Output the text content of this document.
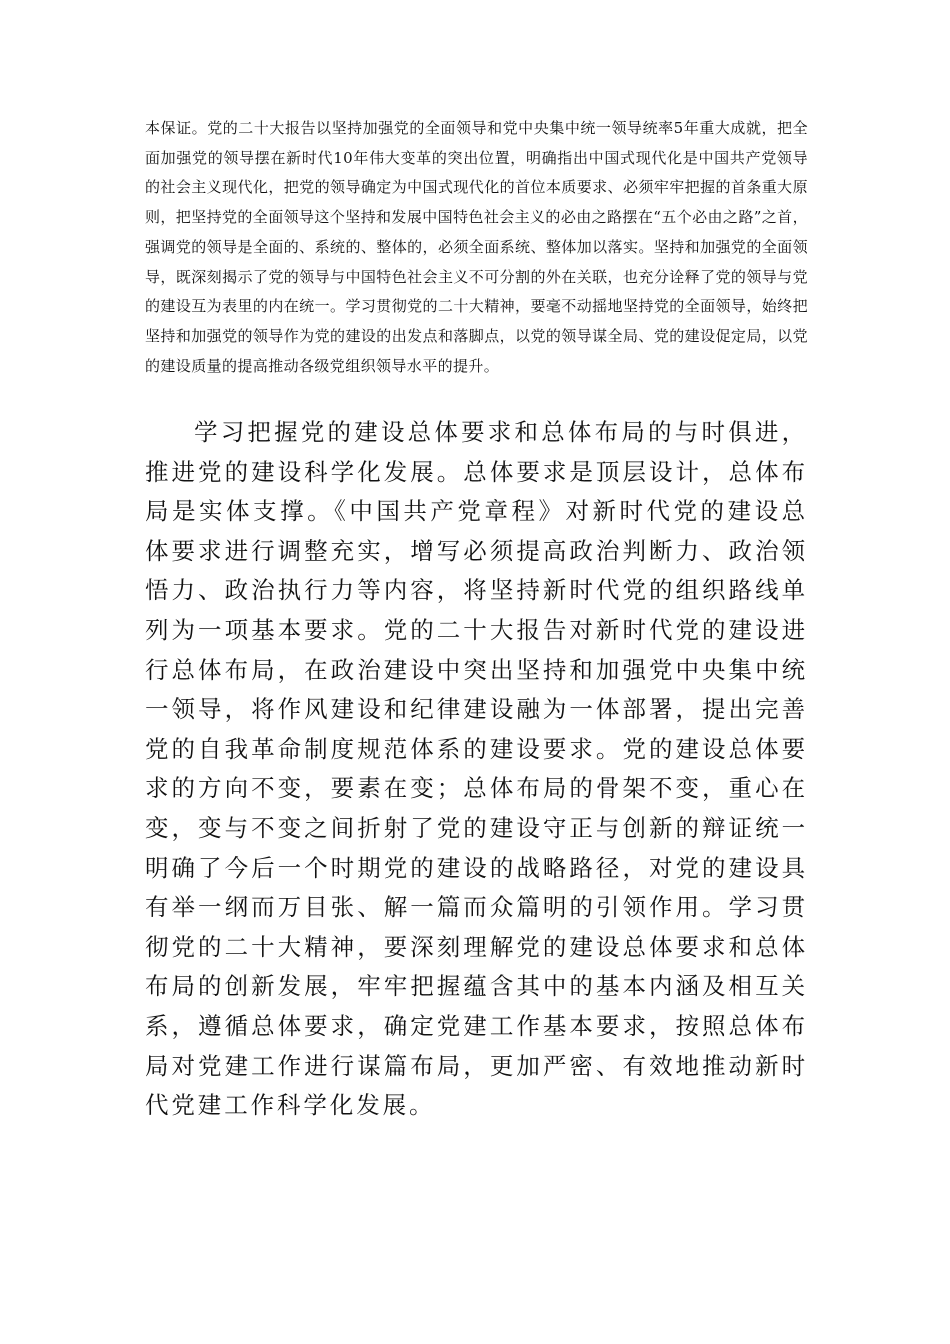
本保证。党的二十大报告以坚持加强党的全面领导和党中央集中统一领导统率5年重大成就，把全面加强党的领导摆在新时代10年伟大变革的突出位置，明确指出中国式现代化是中国共产党领导的社会主义现代化，把党的领导确定为中国式现代化的首位本质要求、必须牢牢把握的首条重大原则，把坚持党的全面领导这个坚持和发展中国特色社会主义的必由之路摆在“五个必由之路”之首，强调党的领导是全面的、系统的、整体的，必须全面系统、整体加以落实。坚持和加强党的全面领导，既深刻揭示了党的领导与中国特色社会主义不可分割的外在关联，也充分诠释了党的领导与党的建设互为表里的内在统一。学习贯彻党的二十大精神，要毫不动摇地坚持党的全面领导，始终把坚持和加强党的领导作为党的建设的出发点和落脚点，以党的领导谋全局、党的建设促定局，以党的建设质量的提高推动各级党组织领导水平的提升。

学习把握党的建设总体要求和总体布局的与时俱进，推进党的建设科学化发展。总体要求是顶层设计，总体布局是实体支撑。《中国共产党章程》对新时代党的建设总体要求进行调整充实，增写必须提高政治判断力、政治领悟力、政治执行力等内容，将坚持新时代党的组织路线单列为一项基本要求。党的二十大报告对新时代党的建设进行总体布局，在政治建设中突出坚持和加强党中央集中统一领导，将作风建设和纪律建设融为一体部署，提出完善党的自我革命制度规范体系的建设要求。党的建设总体要求的方向不变，要素在变；总体布局的骨架不变，重心在变，变与不变之间折射了党的建设守正与创新的辩证统一明确了今后一个时期党的建设的战略路径，对党的建设具有举一纲而万目张、解一篇而众篇明的引领作用。学习贯彻党的二十大精神，要深刻理解党的建设总体要求和总体布局的创新发展，牢牢把握蕴含其中的基本内涵及相互关系，遵循总体要求，确定党建工作基本要求，按照总体布局对党建工作进行谋篇布局，更加严密、有效地推动新时代党建工作科学化发展。
